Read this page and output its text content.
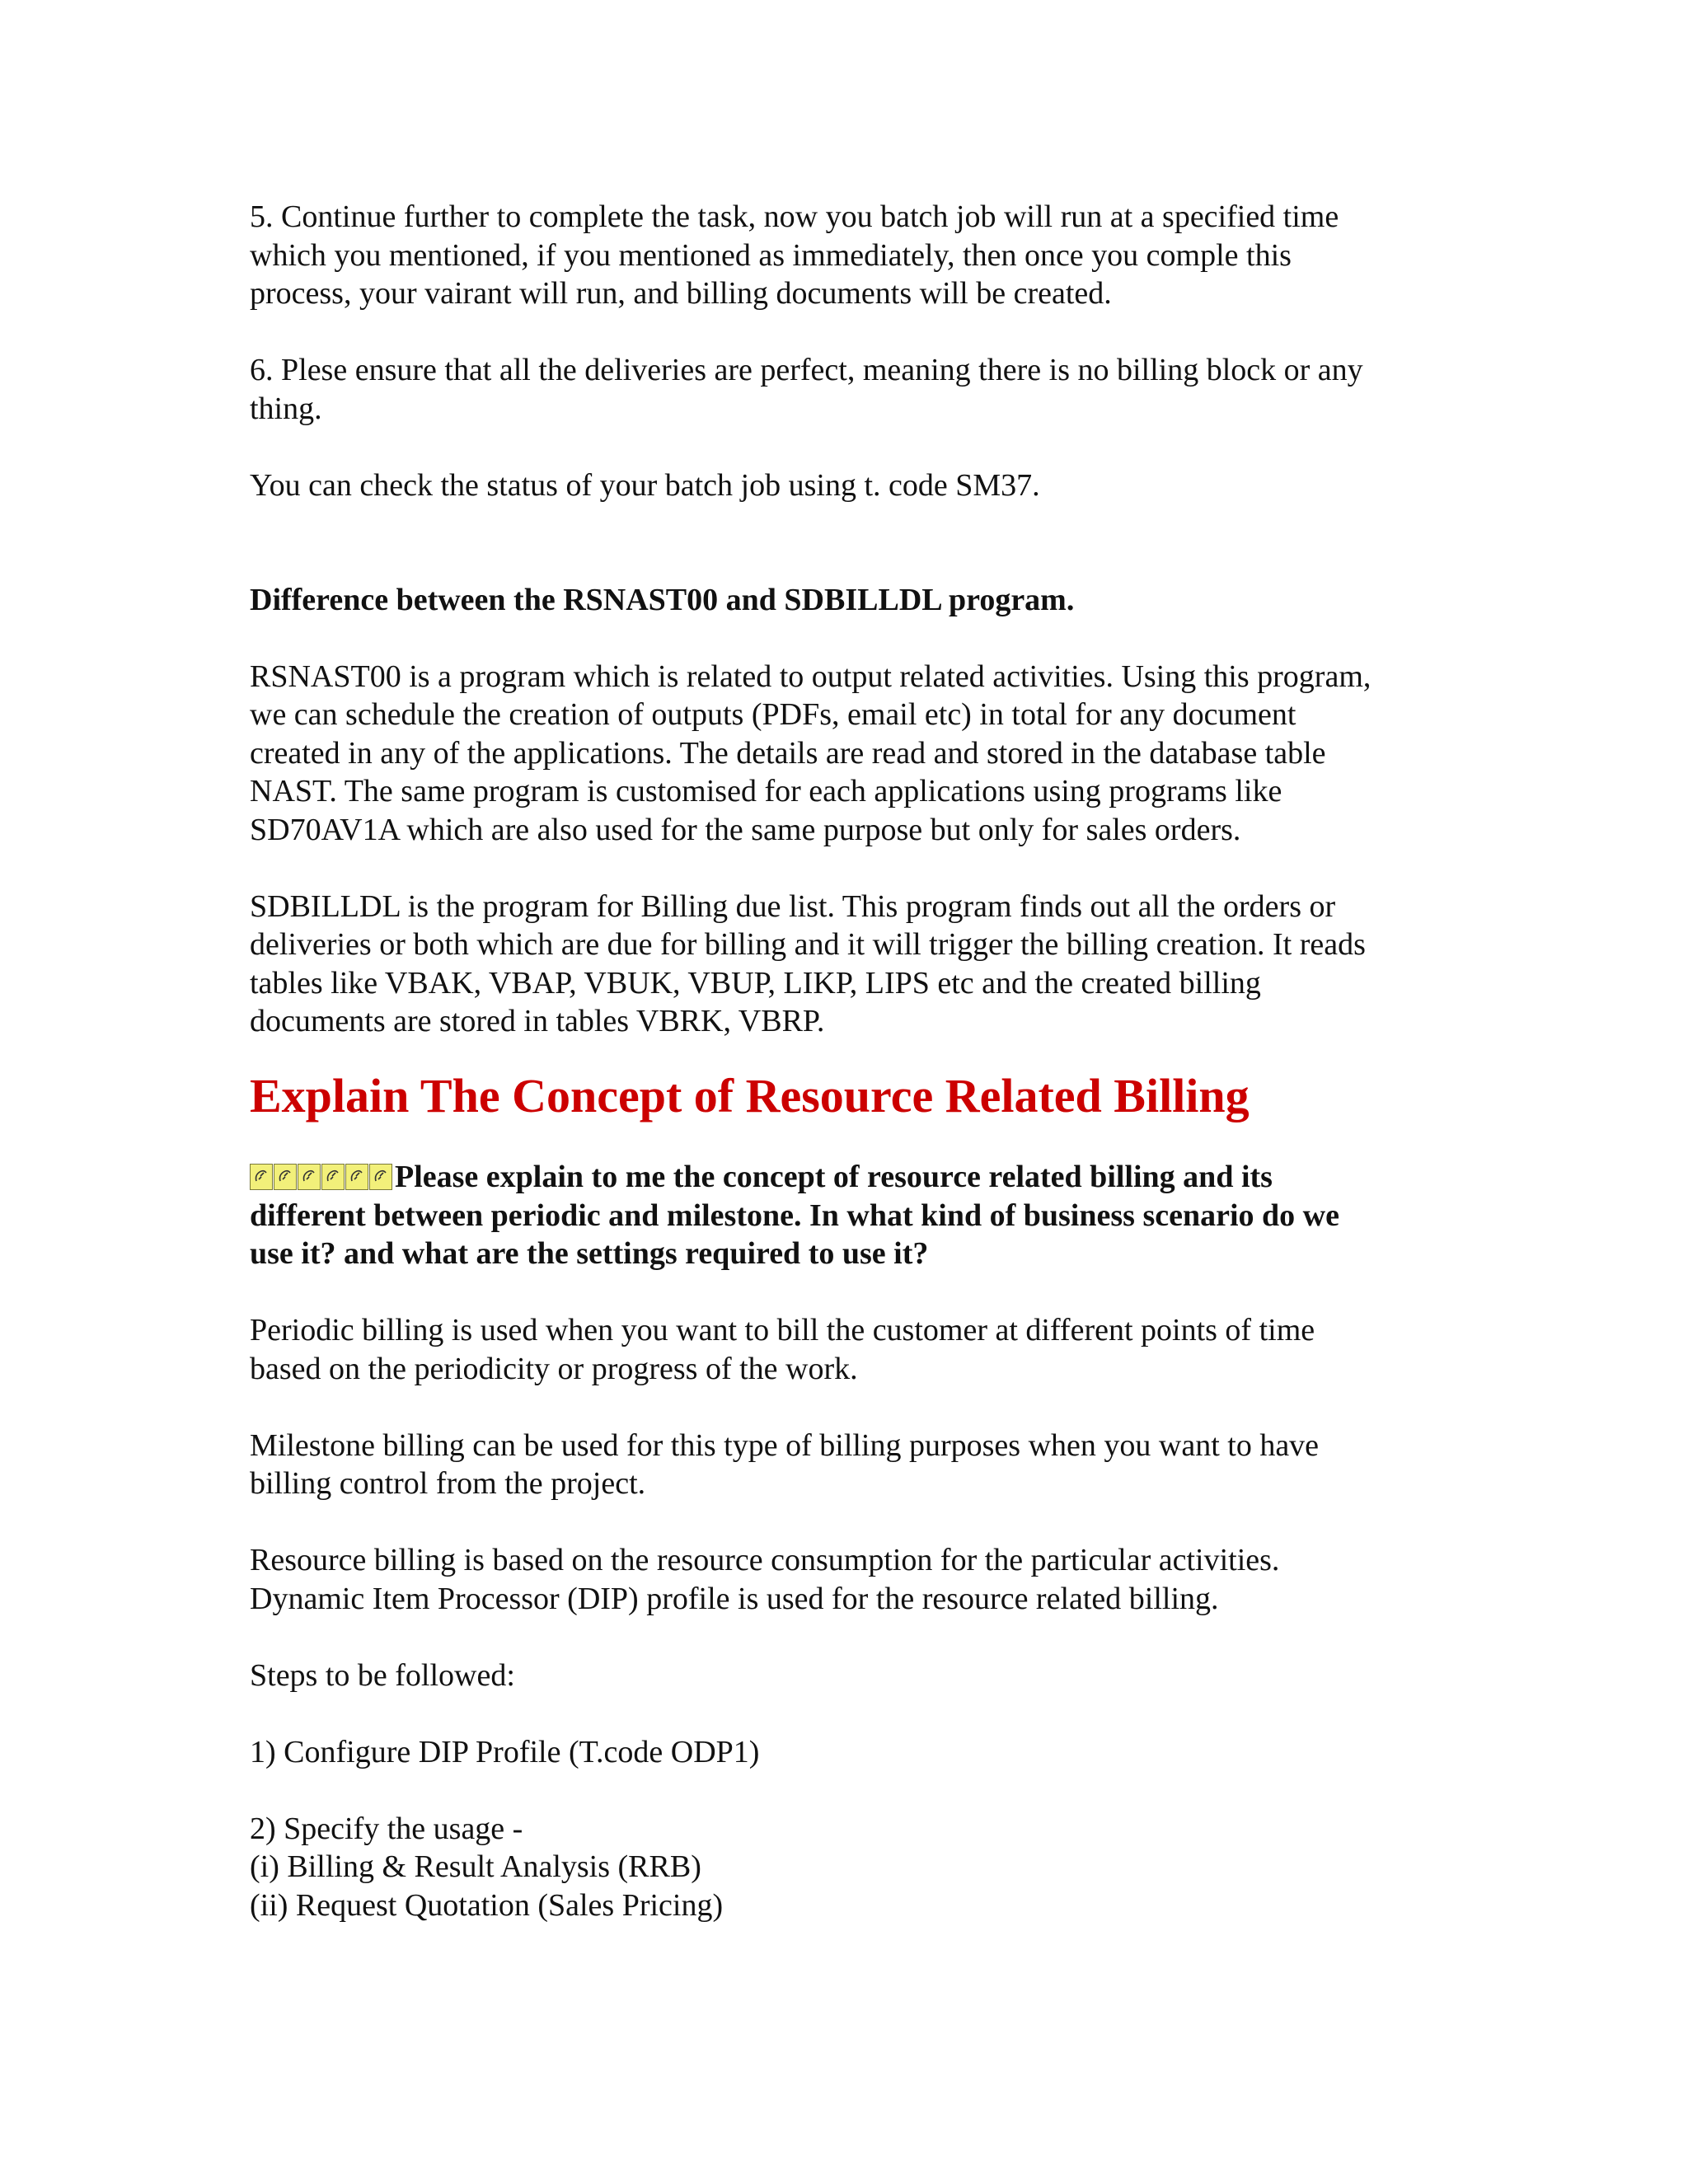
5. Continue further to complete the task, now you batch job will run at a specified time
which you mentioned, if you mentioned as immediately, then once you comple this
process, your vairant will run, and billing documents will be created.

6. Plese ensure that all the deliveries are perfect, meaning there is no billing block or any
thing.

You can check the status of your batch job using t. code SM37.

Difference between the RSNAST00 and SDBILLDL program.

RSNAST00 is a program which is related to output related activities. Using this program,
we can schedule the creation of outputs (PDFs, email etc) in total for any document
created in any of the applications. The details are read and stored in the database table
NAST. The same program is customised for each applications using programs like
SD70AV1A which are also used for the same purpose but only for sales orders.

SDBILLDL is the program for Billing due list. This program finds out all the orders or
deliveries or both which are due for billing and it will trigger the billing creation. It reads
tables like VBAK, VBAP, VBUK, VBUP, LIKP, LIPS etc and the created billing
documents are stored in tables VBRK, VBRP.

Explain The Concept of Resource Related Billing

Please explain to me the concept of resource related billing and its
different between periodic and milestone. In what kind of business scenario do we
use it? and what are the settings required to use it?

Periodic billing is used when you want to bill the customer at different points of time
based on the periodicity or progress of the work.

Milestone billing can be used for this type of billing purposes when you want to have
billing control from the project.

Resource billing is based on the resource consumption for the particular activities.
Dynamic Item Processor (DIP) profile is used for the resource related billing.

Steps to be followed:

1) Configure DIP Profile (T.code ODP1)

2) Specify the usage -
(i) Billing & Result Analysis (RRB)
(ii) Request Quotation (Sales Pricing)
